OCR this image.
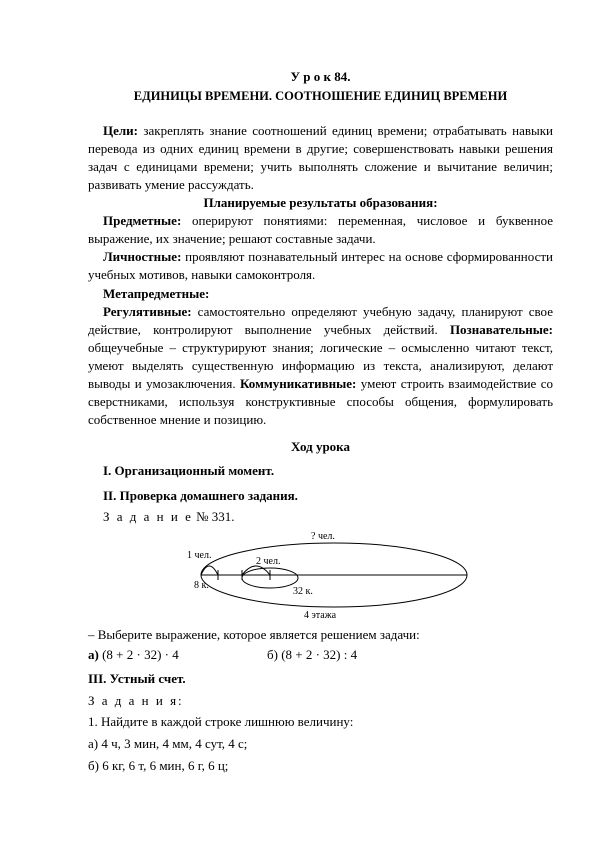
У р о к 84.
ЕДИНИЦЫ ВРЕМЕНИ. СООТНОШЕНИЕ ЕДИНИЦ ВРЕМЕНИ

Цели: закреплять знание соотношений единиц времени; отрабатывать навыки перевода из одних единиц времени в другие; совершенствовать навыки решения задач с единицами времени; учить выполнять сложение и вычитание величин; развивать умение рассуждать.

Планируемые результаты образования:

Предметные: оперируют понятиями: переменная, числовое и буквенное выражение, их значение; решают составные задачи.

Личностные: проявляют познавательный интерес на основе сформированности учебных мотивов, навыки самоконтроля.

Метапредметные:

Регулятивные: самостоятельно определяют учебную задачу, планируют свое действие, контролируют выполнение учебных действий. Познавательные: общеучебные – структурируют знания; логические – осмысленно читают текст, умеют выделять существенную информацию из текста, анализируют, делают выводы и умозаключения. Коммуникативные: умеют строить взаимодействие со сверстниками, используя конструктивные способы общения, формулировать собственное мнение и позицию.

Ход урока

I. Организационный момент.

II. Проверка домашнего задания.

З а д а н и е № 331.

? чел.
1 чел.
2 чел.
8 к.
32 к.
4 этажа

– Выберите выражение, которое является решением задачи:

а) (8 + 2 · 32) · 4	б) (8 + 2 · 32) : 4

III. Устный счет.

З а д а н и я:

1. Найдите в каждой строке лишнюю величину:

а) 4 ч, 3 мин, 4 мм, 4 сут, 4 с;

б) 6 кг, 6 т, 6 мин, 6 г, 6 ц;
